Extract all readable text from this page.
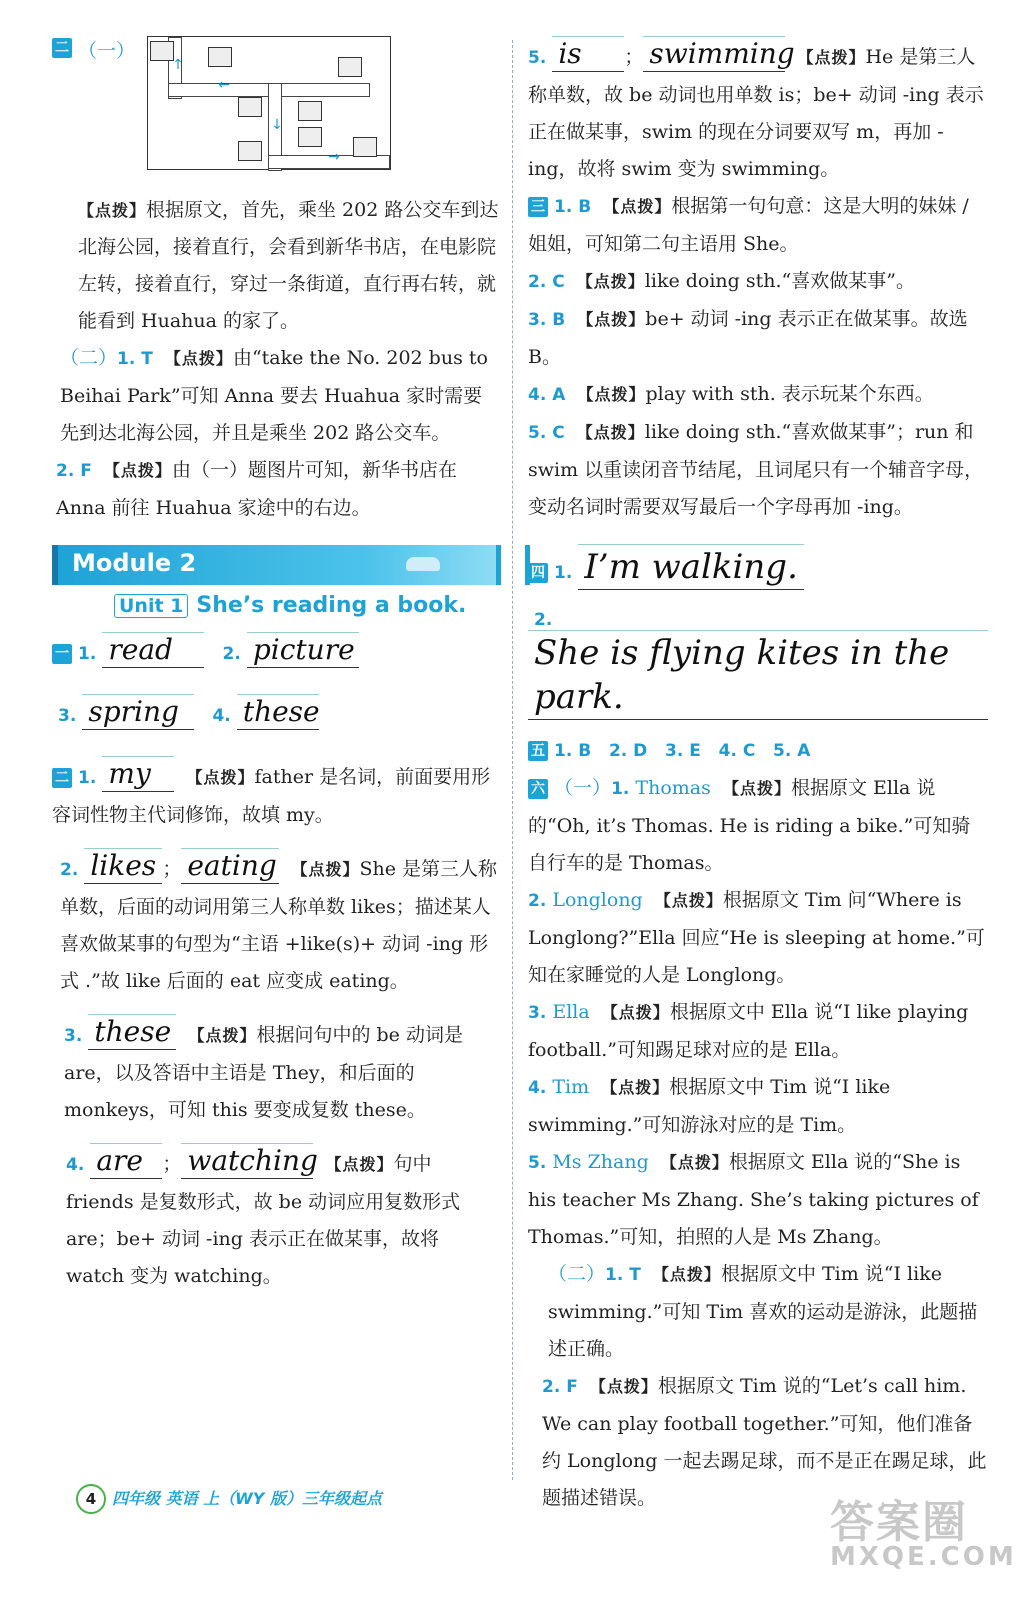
二 （一）
↑
←
↓
→

【点拨】根据原文，首先，乘坐 202 路公交车到达北海公园，接着直行，会看到新华书店，在电影院左转，接着直行，穿过一条街道，直行再右转，就能看到 Huahua 的家了。

（二）1. T 【点拨】由“take the No. 202 bus to Beihai Park”可知 Anna 要去 Huahua 家时需要先到达北海公园，并且是乘坐 202 路公交车。

2. F 【点拨】由（一）题图片可知，新华书店在 Anna 前往 Huahua 家途中的右边。

Module 2
Unit 1 She’s reading a book.
一 1. read	2. picture
3. spring 4. these

二 1. my 【点拨】father 是名词，前面要用形容词性物主代词修饰，故填 my。

2. likes ； eating 【点拨】She 是第三人称单数，后面的动词用第三人称单数 likes；描述某人喜欢做某事的句型为“主语 +like(s)+ 动词 -ing 形式 .”故 like 后面的 eat 应变成 eating。

3. these 【点拨】根据问句中的 be 动词是 are，以及答语中主语是 They，和后面的 monkeys，可知 this 要变成复数 these。

4. are ； watching 【点拨】句中 friends 是复数形式，故 be 动词应用复数形式 are；be+ 动词 -ing 表示正在做某事，故将 watch 变为 watching。

5. is ； swimming 【点拨】He 是第三人称单数，故 be 动词也用单数 is；be+ 动词 -ing 表示正在做某事，swim 的现在分词要双写 m，再加 -ing，故将 swim 变为 swimming。

三 1. B 【点拨】根据第一句句意：这是大明的妹妹 / 姐姐，可知第二句主语用 She。

2. C 【点拨】like doing sth.“喜欢做某事”。

3. B 【点拨】be+ 动词 -ing 表示正在做某事。故选 B。

4. A 【点拨】play with sth. 表示玩某个东西。

5. C 【点拨】like doing sth.“喜欢做某事”；run 和 swim 以重读闭音节结尾，且词尾只有一个辅音字母，变动名词时需要双写最后一个字母再加 -ing。

四 1. I’m walking.
2. She is flying kites in the park.

五 1. B   2. D   3. E   4. C   5. A

六 （一）1. Thomas 【点拨】根据原文 Ella 说的“Oh, it’s Thomas. He is riding a bike.”可知骑自行车的是 Thomas。

2. Longlong 【点拨】根据原文 Tim 问“Where is Longlong?”Ella 回应“He is sleeping at home.”可知在家睡觉的人是 Longlong。

3. Ella 【点拨】根据原文中 Ella 说“I like playing football.”可知踢足球对应的是 Ella。

4. Tim 【点拨】根据原文中 Tim 说“I like swimming.”可知游泳对应的是 Tim。

5. Ms Zhang 【点拨】根据原文 Ella 说的“She is his teacher Ms Zhang. She’s taking pictures of Thomas.”可知，拍照的人是 Ms Zhang。

（二）1. T 【点拨】根据原文中 Tim 说“I like swimming.”可知 Tim 喜欢的运动是游泳，此题描述正确。

2. F 【点拨】根据原文 Tim 说的“Let’s call him. We can play football together.”可知，他们准备约 Longlong 一起去踢足球，而不是正在踢足球，此题描述错误。

4 四年级 英语 上（WY 版）三年级起点	答案圈
MXQE.COM
